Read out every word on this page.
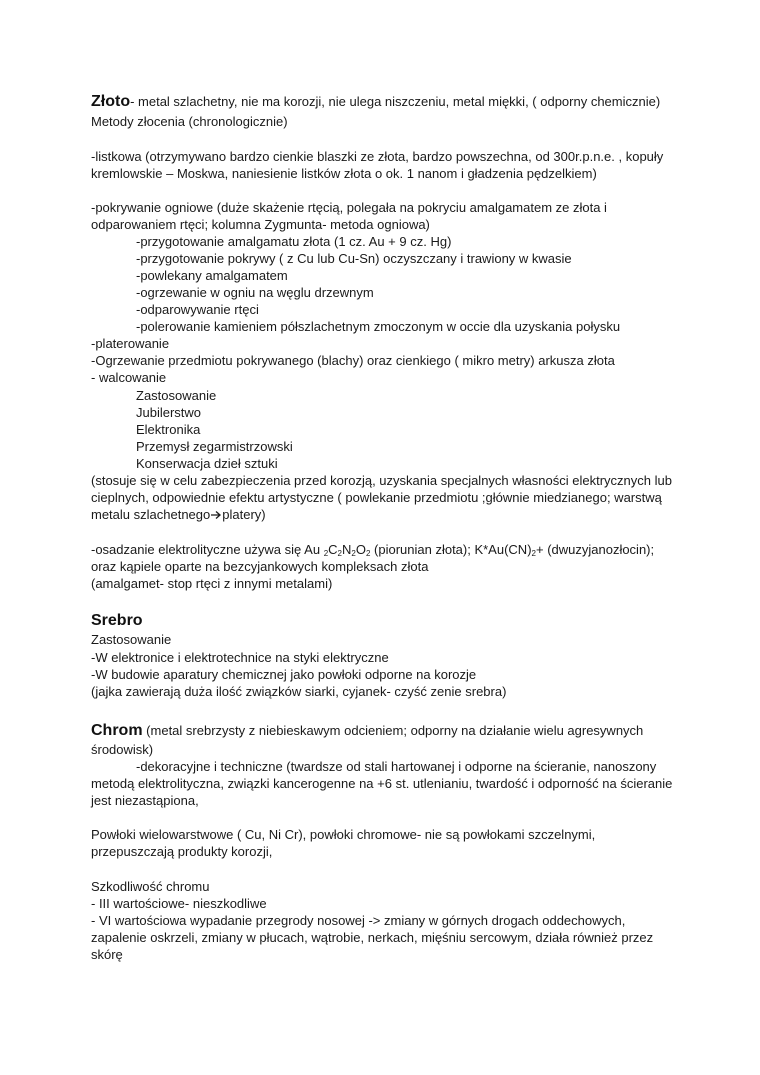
Złoto- metal szlachetny, nie ma korozji, nie ulega niszczeniu, metal miękki, ( odporny chemicznie)
Metody złocenia (chronologicznie)
-listkowa (otrzymywano bardzo cienkie blaszki ze złota, bardzo powszechna, od 300r.p.n.e. , kopuły
kremlowskie – Moskwa, naniesienie listków złota o ok. 1 nanom i gładzenia pędzelkiem)
-pokrywanie ogniowe (duże skażenie rtęcią, polegała na pokryciu amalgamatem ze złota i
odparowaniem rtęci; kolumna Zygmunta- metoda ogniowa)
-przygotowanie amalgamatu złota (1 cz. Au + 9 cz. Hg)
-przygotowanie pokrywy ( z Cu lub Cu-Sn) oczyszczany i trawiony w kwasie
-powlekany amalgamatem
-ogrzewanie w ogniu na węglu drzewnym
-odparowywanie rtęci
-polerowanie kamieniem półszlachetnym zmoczonym w occie dla uzyskania połysku
-platerowanie
-Ogrzewanie przedmiotu pokrywanego (blachy) oraz cienkiego ( mikro metry) arkusza złota
- walcowanie
Zastosowanie
Jubilerstwo
Elektronika
Przemysł zegarmistrzowski
Konserwacja dzieł sztuki
(stosuje się w celu zabezpieczenia przed korozją, uzyskania specjalnych własności elektrycznych lub
cieplnych, odpowiednie efektu artystyczne ( powlekanie przedmiotu ;głównie miedzianego; warstwą
metalu szlachetnego platery)
-osadzanie elektrolityczne używa się Au $_2C_2N_2O_2$ (piorunian złota); $K*Au(CN)_2+$ (dwuzyjanozłocin);
oraz kąpiele oparte na bezcyjankowych kompleksach złota
(amalgamet- stop rtęci z innymi metalami)
Srebro
Zastosowanie
-W elektronice i elektrotechnice na styki elektryczne
-W budowie aparatury chemicznej jako powłoki odporne na korozje
(jajka zawierają duża ilość związków siarki, cyjanek- czyść zenie srebra)
Chrom (metal srebrzysty z niebieskawym odcieniem; odporny na działanie wielu agresywnych
środowisk)
-dekoracyjne i techniczne (twardsze od stali hartowanej i odporne na ścieranie, nanoszony
metodą elektrolityczna, związki kancerogenne na +6 st. utlenianiu, twardość i odporność na ścieranie
jest niezastąpiona,
Powłoki wielowarstwowe ( Cu, Ni Cr), powłoki chromowe- nie są powłokami szczelnymi,
przepuszczają produkty korozji,
Szkodliwość chromu
- III wartościowe- nieszkodliwe
- VI wartościowa wypadanie przegrody nosowej -> zmiany w górnych drogach oddechowych,
zapalenie oskrzeli, zmiany w płucach, wątrobie, nerkach, mięśniu sercowym, działa również przez
skórę
